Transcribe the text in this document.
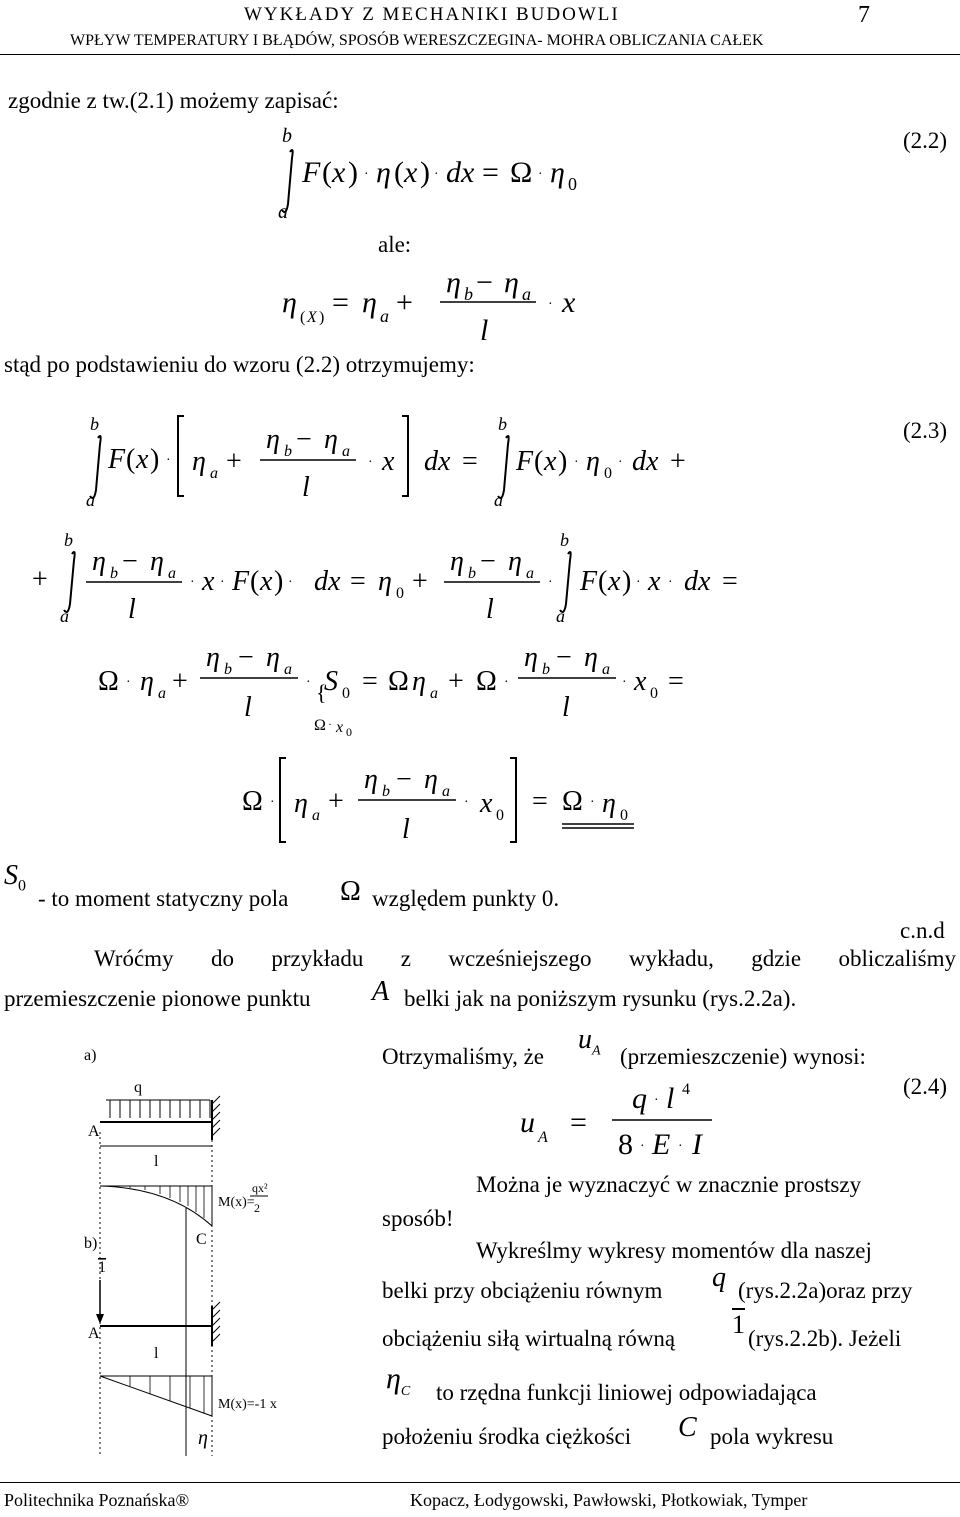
WYKŁADY Z MECHANIKI BUDOWLI	7
WPŁYW TEMPERATURY I BŁĄDÓW, SPOSÓB WERESZCZEGINA- MOHRA OBLICZANIA CAŁEK
zgodnie z tw.(2.1) możemy zapisać:
(2.2)
b
a
F ( x ) · η ( x ) · dx = Ω · η 0
ale:
η ( X ) = η a +
η b − η a
l
· x
stąd po podstawieniu do wzoru (2.2) otrzymujemy:
(2.3)
b
a
F ( x ) · η a +
η b − η a
l
· x dx =
b
a
F ( x ) · η 0
· dx +
+
b
a
η b − η a
l
· x · F ( x ) · dx = η 0 +
η b − η a
l
·
b
a
F ( x ) · x · dx =
Ω · η a +
η b − η a
l
· S 0
{
Ω · x 0
= Ω η a + Ω ·
η b − η a
l
· x 0 =
Ω · η a +
η b − η a
l
· x 0 = Ω · η 0
$S_0$ - to moment statyczny pola Ω względem punkty 0.
c.n.d
Wróćmy do przykładu z wcześniejszego wykładu, gdzie obliczaliśmy
przemieszczenie pionowe punktu A belki jak na poniższym rysunku (rys.2.2a).
Otrzymaliśmy, że
$u_A$ (przemieszczenie) wynosi:
u A =
q · l 4
8 · E · I
(2.4)
Można je wyznaczyć w znacznie prostszy
sposób!
Wykreślmy wykresy momentów dla naszej
belki przy obciążeniu równym q (rys.2.2a)oraz przy
obciążeniu siłą wirtualną równą 1 (rys.2.2b). Jeżeli
$\eta_C$ to rzędna funkcji liniowej odpowiadająca
położeniu środka ciężkości C pola wykresu
a)
q
A
l
C
M(x)=
qx²
2
b)
1
A
l
M(x)=-1 x
η
Politechnika Poznańska®	Kopacz, Łodygowski, Pawłowski, Płotkowiak, Tymper
